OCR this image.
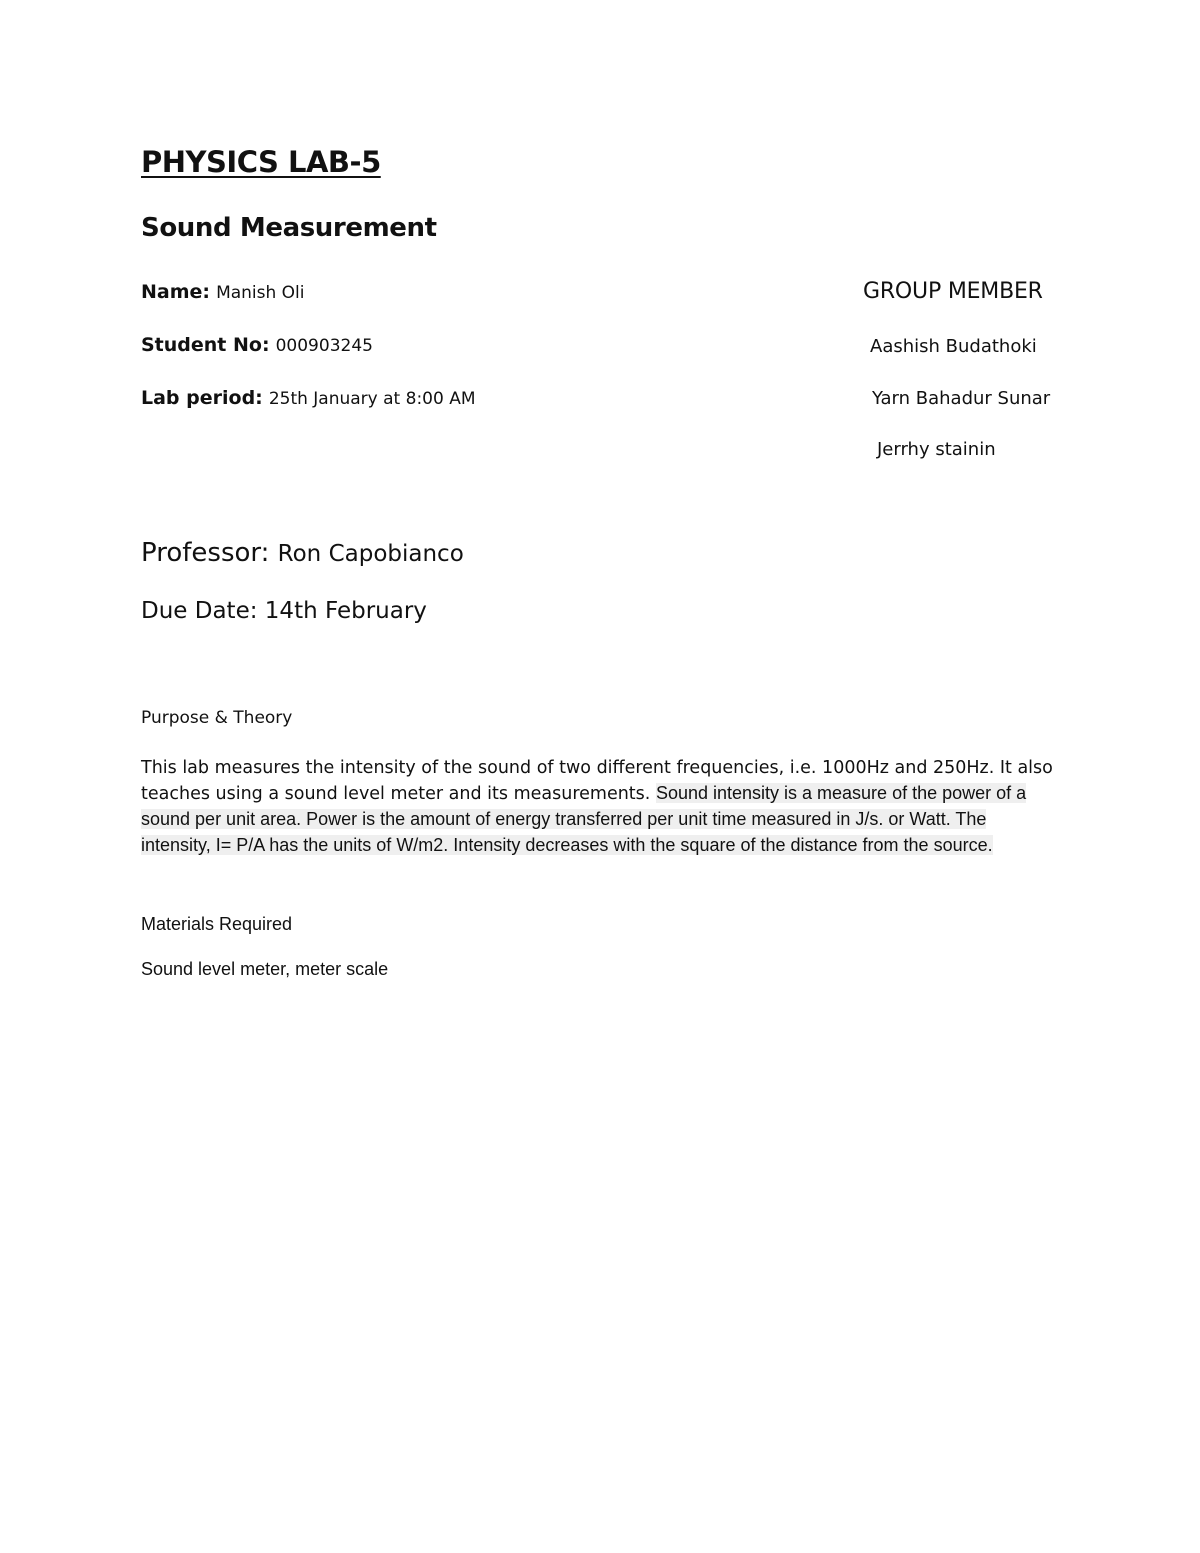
PHYSICS LAB-5
Sound Measurement
Name: Manish Oli
Student No: 000903245
Lab period: 25th January at 8:00 AM
GROUP MEMBER
Aashish Budathoki
Yarn Bahadur Sunar
Jerrhy stainin
Professor: Ron Capobianco
Due Date: 14th February
Purpose & Theory
This lab measures the intensity of the sound of two different frequencies, i.e. 1000Hz and 250Hz. It also teaches using a sound level meter and its measurements. Sound intensity is a measure of the power of a sound per unit area. Power is the amount of energy transferred per unit time measured in J/s. or Watt. The intensity, I= P/A has the units of W/m2. Intensity decreases with the square of the distance from the source.
Materials Required
Sound level meter, meter scale
